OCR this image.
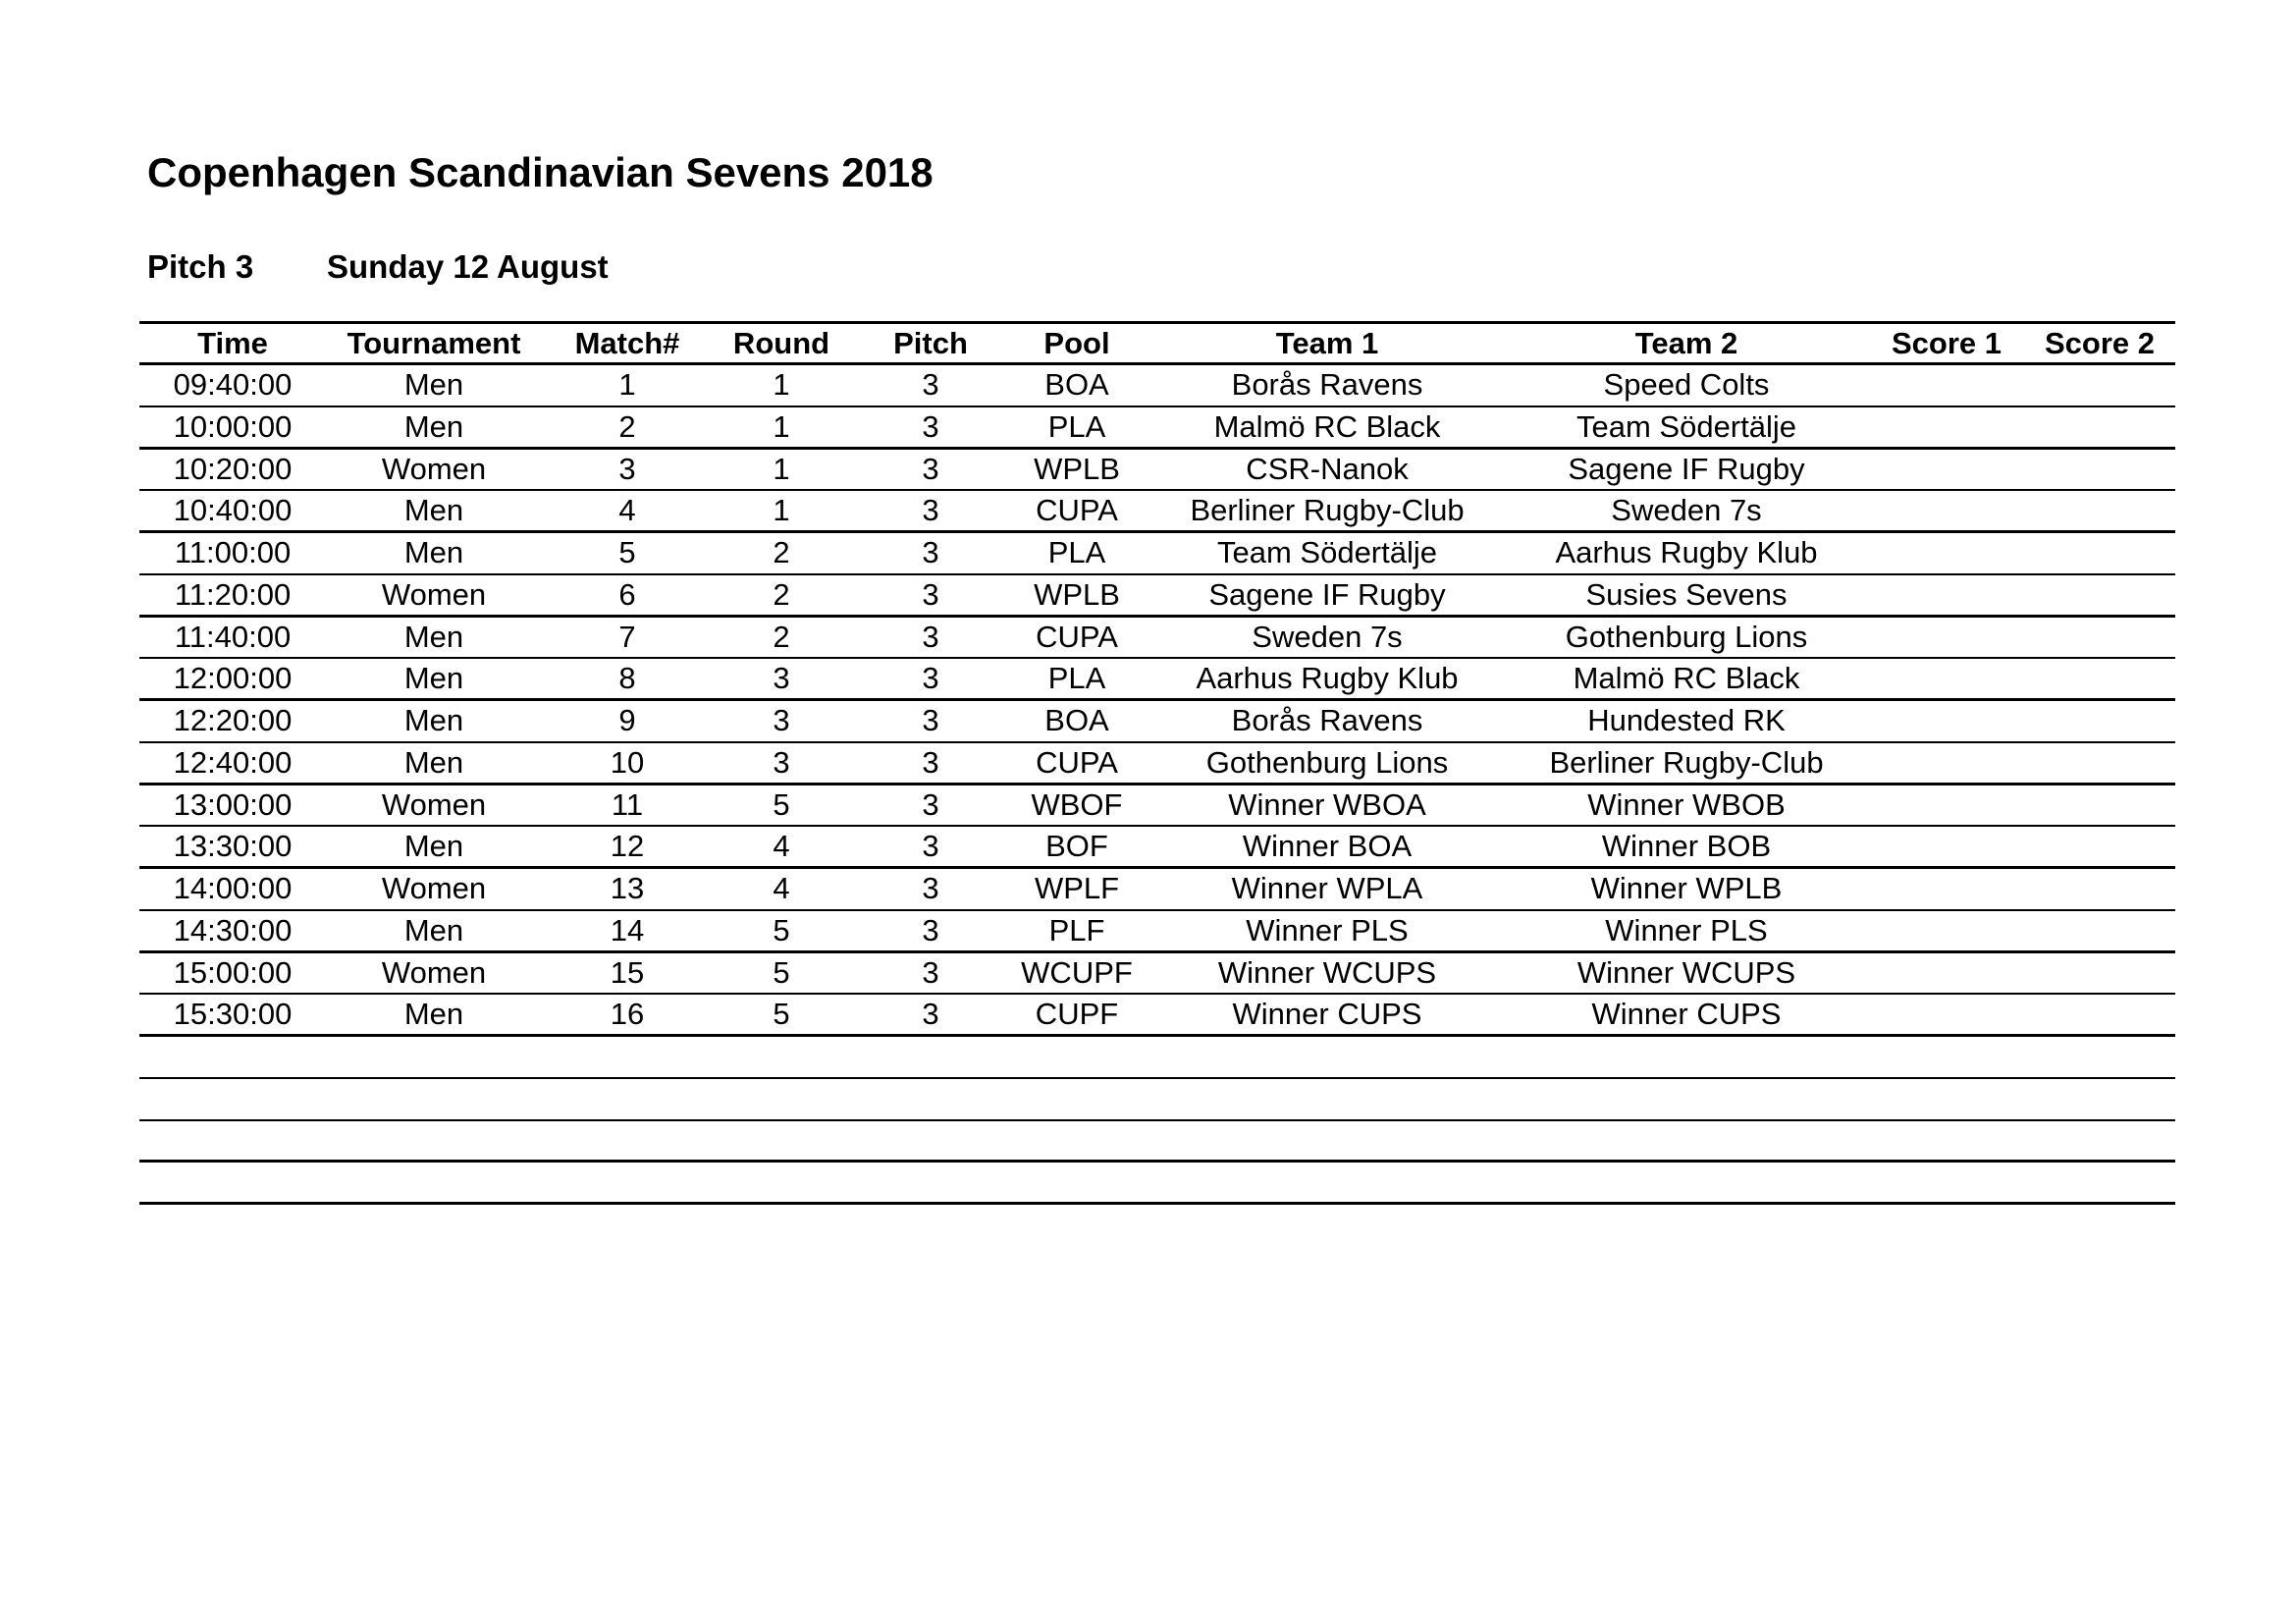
Copenhagen Scandinavian Sevens 2018
Pitch 3 Sunday 12 August
Time	Tournament Match# Round Pitch	Pool	Team 1	Team 2	Score 1 Score 2
09:40:00	Men	1	1	3	BOA	Borås Ravens	Speed Colts
10:00:00	Men	2	1	3	PLA	Malmö RC Black	Team Södertälje
10:20:00	Women	3	1	3	WPLB	CSR-Nanok	Sagene IF Rugby
10:40:00	Men	4	1	3	CUPA Berliner Rugby-Club	Sweden 7s
11:00:00	Men	5	2	3	PLA	Team Södertälje	Aarhus Rugby Klub
11:20:00	Women	6	2	3	WPLB	Sagene IF Rugby	Susies Sevens
11:40:00	Men	7	2	3	CUPA	Sweden 7s	Gothenburg Lions
12:00:00	Men	8	3	3	PLA	Aarhus Rugby Klub	Malmö RC Black
12:20:00	Men	9	3	3	BOA	Borås Ravens	Hundested RK
12:40:00	Men	10	3	3	CUPA	Gothenburg Lions	Berliner Rugby-Club
13:00:00	Women	11	5	3	WBOF	Winner WBOA	Winner WBOB
13:30:00	Men	12	4	3	BOF	Winner BOA	Winner BOB
14:00:00	Women	13	4	3	WPLF	Winner WPLA	Winner WPLB
14:30:00	Men	14	5	3	PLF	Winner PLS	Winner PLS
15:00:00	Women	15	5	3	WCUPF	Winner WCUPS	Winner WCUPS
15:30:00	Men	16	5	3	CUPF	Winner CUPS	Winner CUPS
